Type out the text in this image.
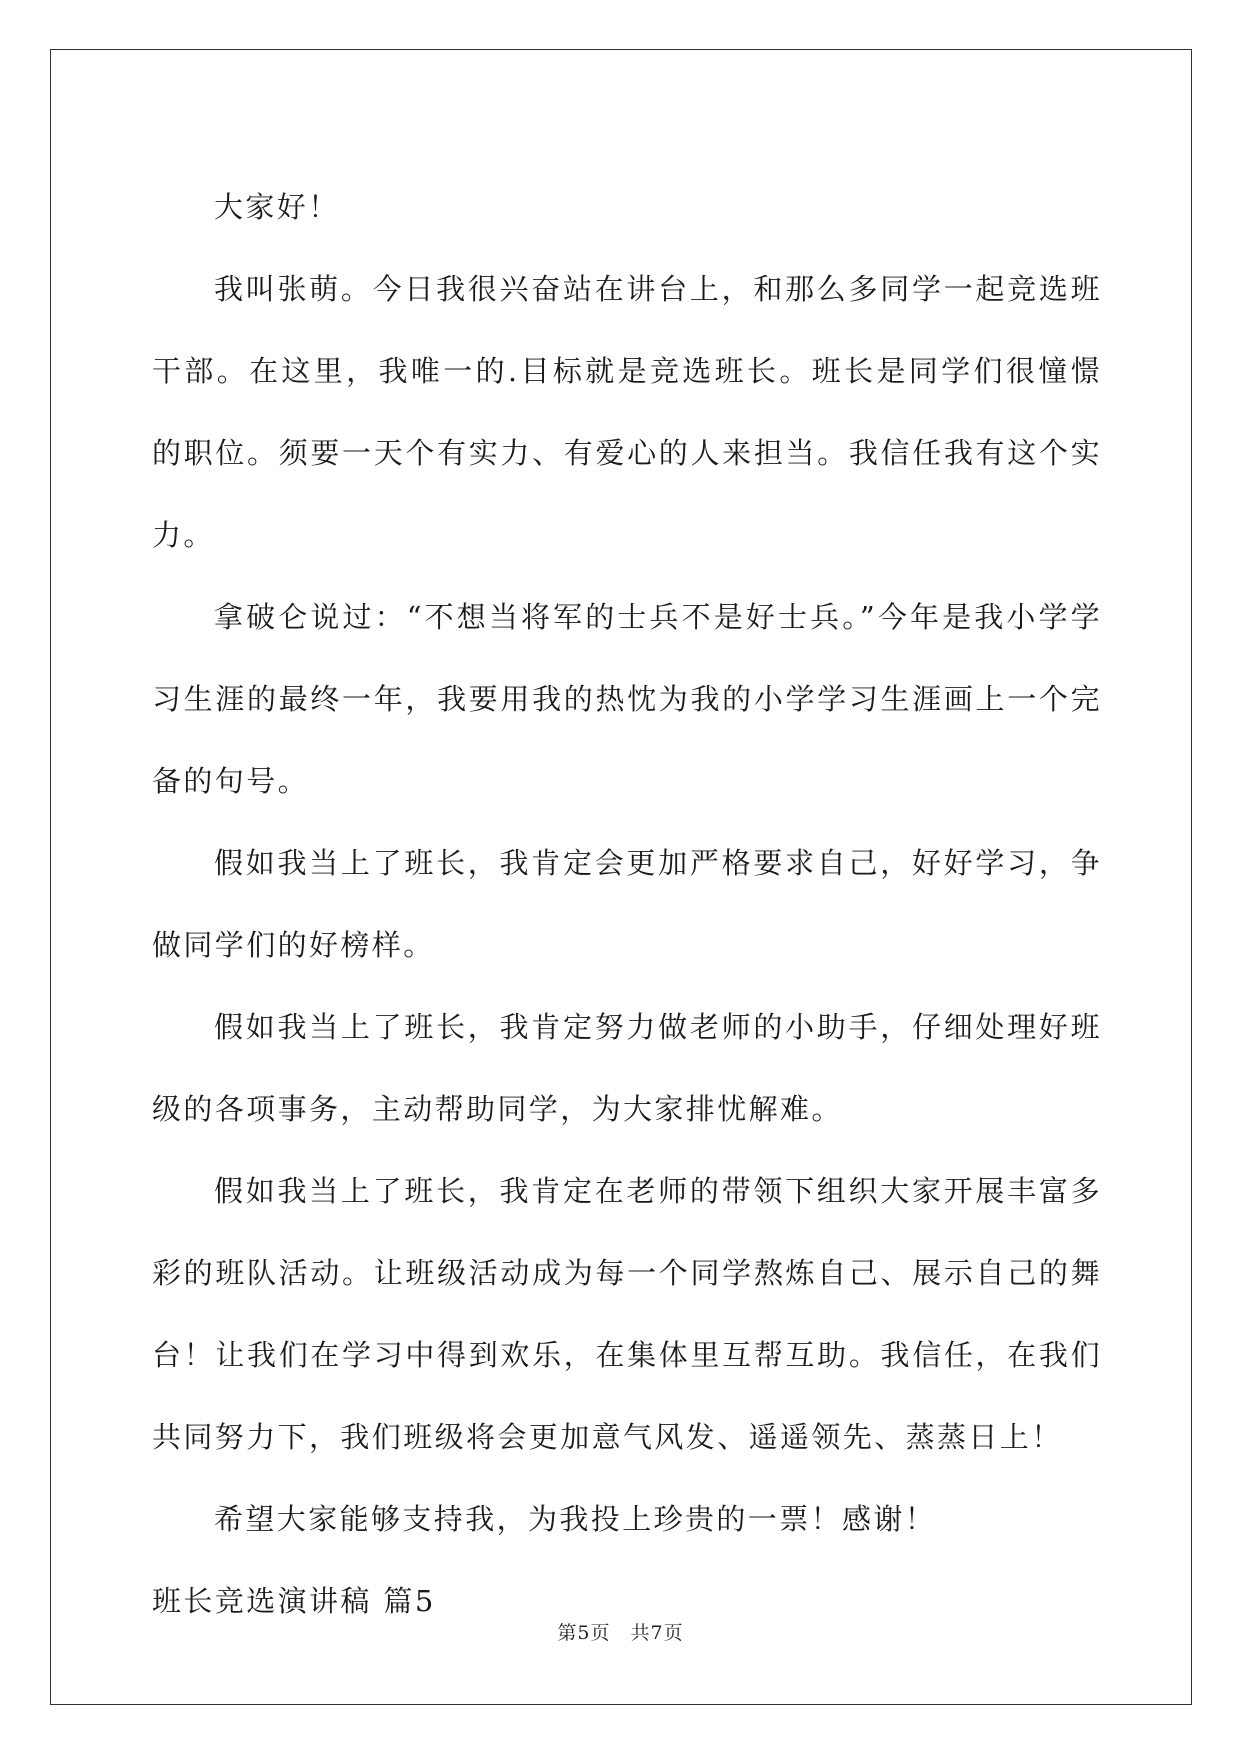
大家好！

我叫张萌。今日我很兴奋站在讲台上，和那么多同学一起竞选班干部。在这里，我唯一的.目标就是竞选班长。班长是同学们很憧憬的职位。须要一天个有实力、有爱心的人来担当。我信任我有这个实力。

拿破仑说过：“不想当将军的士兵不是好士兵。”今年是我小学学习生涯的最终一年，我要用我的热忱为我的小学学习生涯画上一个完备的句号。

假如我当上了班长，我肯定会更加严格要求自己，好好学习，争做同学们的好榜样。

假如我当上了班长，我肯定努力做老师的小助手，仔细处理好班级的各项事务，主动帮助同学，为大家排忧解难。

假如我当上了班长，我肯定在老师的带领下组织大家开展丰富多彩的班队活动。让班级活动成为每一个同学熬炼自己、展示自己的舞台！让我们在学习中得到欢乐，在集体里互帮互助。我信任，在我们共同努力下，我们班级将会更加意气风发、遥遥领先、蒸蒸日上！

希望大家能够支持我，为我投上珍贵的一票！感谢！

班长竞选演讲稿 篇5

第5页　共7页
